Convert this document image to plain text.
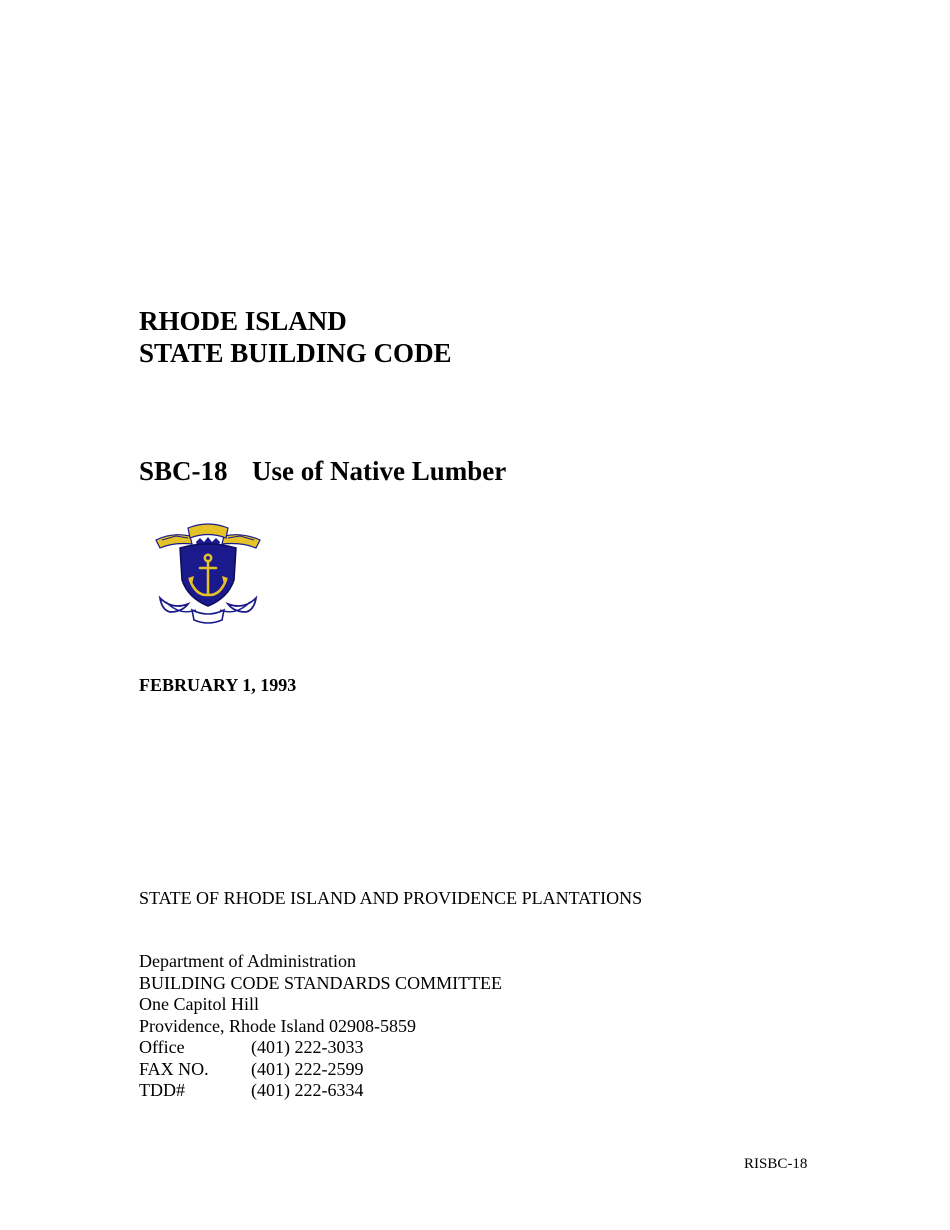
RHODE ISLAND
STATE BUILDING CODE
SBC-18 Use of Native Lumber
FEBRUARY 1, 1993
STATE OF RHODE ISLAND AND PROVIDENCE PLANTATIONS
Department of Administration
BUILDING CODE STANDARDS COMMITTEE
One Capitol Hill
Providence, Rhode Island 02908-5859
Office	(401) 222-3033
FAX NO. (401) 222-2599
TDD#	(401) 222-6334
RISBC-18
